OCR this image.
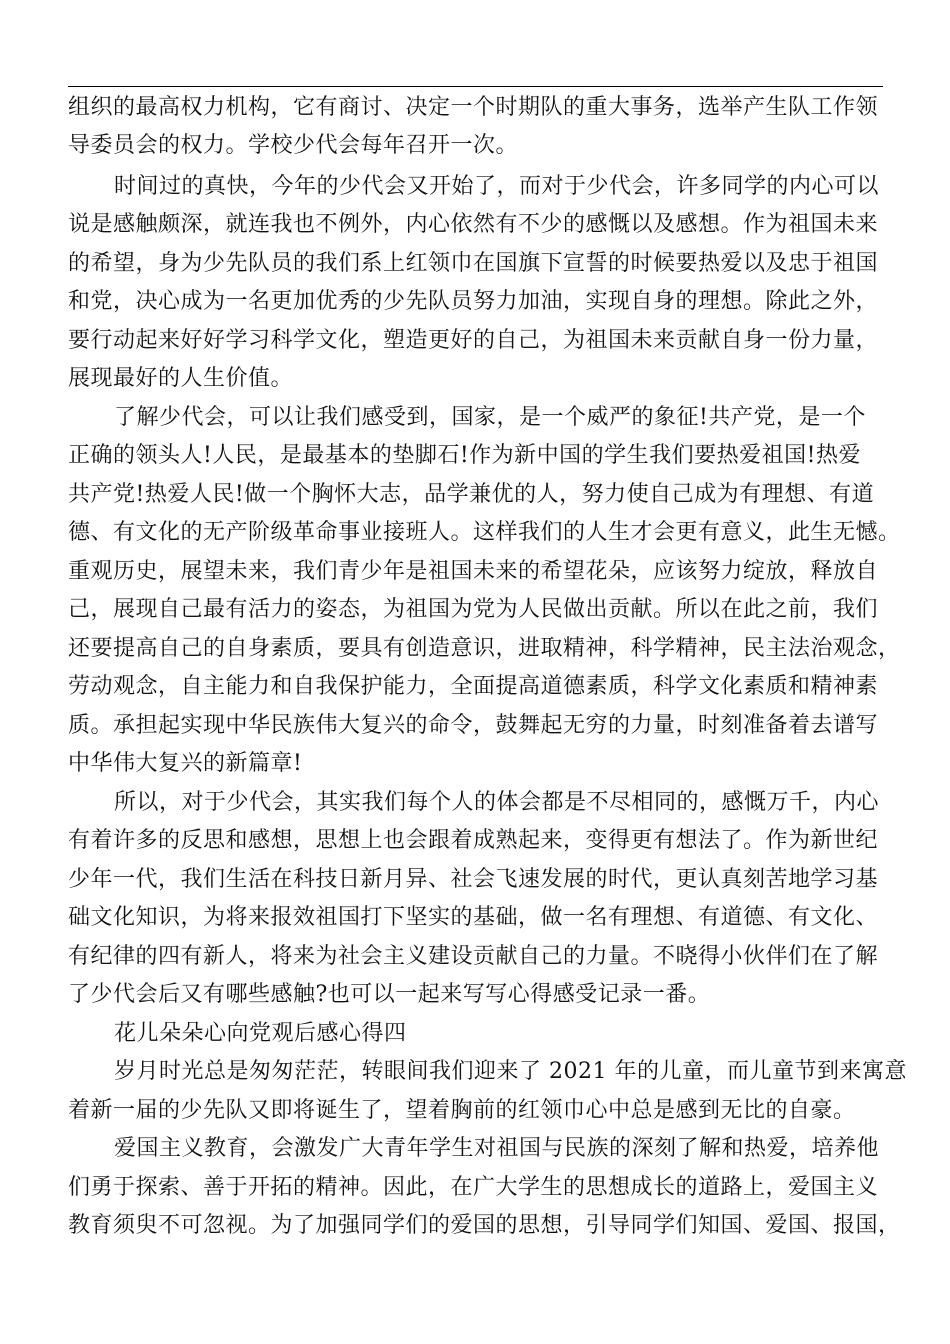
组织的最高权力机构，它有商讨、决定一个时期队的重大事务，选举产生队工作领
导委员会的权力。学校少代会每年召开一次。
时间过的真快，今年的少代会又开始了，而对于少代会，许多同学的内心可以
说是感触颇深，就连我也不例外，内心依然有不少的感慨以及感想。作为祖国未来
的希望，身为少先队员的我们系上红领巾在国旗下宣誓的时候要热爱以及忠于祖国
和党，决心成为一名更加优秀的少先队员努力加油，实现自身的理想。除此之外，
要行动起来好好学习科学文化，塑造更好的自己，为祖国未来贡献自身一份力量，
展现最好的人生价值。
了解少代会，可以让我们感受到，国家，是一个威严的象征!共产党，是一个
正确的领头人!人民，是最基本的垫脚石!作为新中国的学生我们要热爱祖国!热爱
共产党!热爱人民!做一个胸怀大志，品学兼优的人，努力使自己成为有理想、有道
德、有文化的无产阶级革命事业接班人。这样我们的人生才会更有意义，此生无憾。
重观历史，展望未来，我们青少年是祖国未来的希望花朵，应该努力绽放，释放自
己，展现自己最有活力的姿态，为祖国为党为人民做出贡献。所以在此之前，我们
还要提高自己的自身素质，要具有创造意识，进取精神，科学精神，民主法治观念，
劳动观念，自主能力和自我保护能力，全面提高道德素质，科学文化素质和精神素
质。承担起实现中华民族伟大复兴的命令，鼓舞起无穷的力量，时刻准备着去谱写
中华伟大复兴的新篇章!
所以，对于少代会，其实我们每个人的体会都是不尽相同的，感慨万千，内心
有着许多的反思和感想，思想上也会跟着成熟起来，变得更有想法了。作为新世纪
少年一代，我们生活在科技日新月异、社会飞速发展的时代，更认真刻苦地学习基
础文化知识，为将来报效祖国打下坚实的基础，做一名有理想、有道德、有文化、
有纪律的四有新人，将来为社会主义建设贡献自己的力量。不晓得小伙伴们在了解
了少代会后又有哪些感触?也可以一起来写写心得感受记录一番。
花儿朵朵心向党观后感心得四
岁月时光总是匆匆茫茫，转眼间我们迎来了 2021 年的儿童，而儿童节到来寓意
着新一届的少先队又即将诞生了，望着胸前的红领巾心中总是感到无比的自豪。
爱国主义教育，会激发广大青年学生对祖国与民族的深刻了解和热爱，培养他
们勇于探索、善于开拓的精神。因此，在广大学生的思想成长的道路上，爱国主义
教育须臾不可忽视。为了加强同学们的爱国的思想，引导同学们知国、爱国、报国，
